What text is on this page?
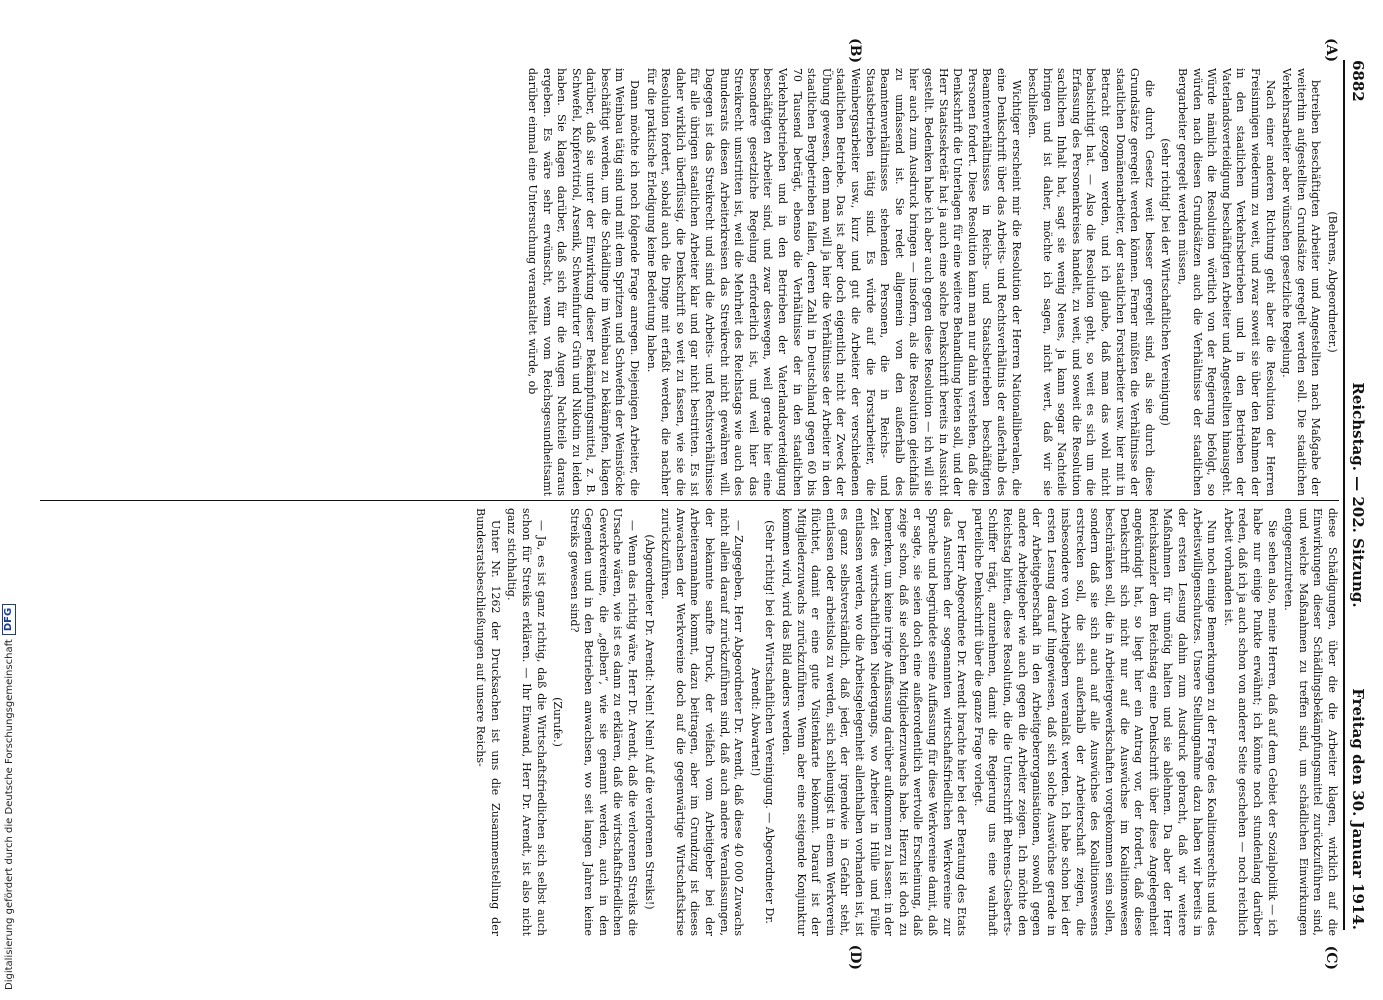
6882
Reichstag. — 202. Sitzung.
Freitag den 30. Januar 1914.
(A)
(B)
(C)
(D)

(Behrens, Abgeordneter.)

betreiben beschäftigten Arbeiter und Angestellten nach Maßgabe der weiterhin aufgestellten Grundsätze geregelt werden soll. Die staatlichen Verkehrsarbeiter aber wünschen gesetzliche Regelung.

Nach einer anderen Richtung geht aber die Resolution der Herren Freisinnigen wiederum zu weit, und zwar soweit sie über den Rahmen der in den staatlichen Verkehrsbetrieben und in den Betrieben der Vaterlandsverteidigung beschäftigten Arbeiter und Angestellten hinausgeht. Würde nämlich die Resolution wörtlich von der Regierung befolgt, so würden nach diesen Grundsätzen auch die Verhältnisse der staatlichen Bergarbeiter geregelt werden müssen,

(sehr richtig! bei der Wirtschaftlichen Vereinigung)

die durch Gesetz weit besser geregelt sind, als sie durch diese Grundsätze geregelt werden können. Ferner müßten die Verhältnisse der staatlichen Domänenarbeiter, der staatlichen Forstarbeiter usw. hier mit in Betracht gezogen werden, und ich glaube, daß man das wohl nicht beabsichtigt hat. — Also die Resolution geht, so weit es sich um die Erfassung des Personenkreises handelt, zu weit, und soweit die Resolution sachlichen Inhalt hat, sagt sie wenig Neues, ja kann sogar Nachteile bringen und ist daher, möchte ich sagen, nicht wert, daß wir sie beschließen.

Wichtiger erscheint mir die Resolution der Herren Nationalliberalen, die eine Denkschrift über das Arbeits- und Rechtsverhältnis der außerhalb des Beamtenverhältnisses in Reichs- und Staatsbetrieben beschäftigten Personen fordert. Diese Resolution kann man nur dahin verstehen, daß die Denkschrift die Unterlagen für eine weitere Behandlung bieten soll, und der Herr Staatssekretär hat ja auch eine solche Denkschrift bereits in Aussicht gestellt. Bedenken habe ich aber auch gegen diese Resolution — ich will sie hier auch zum Ausdruck bringen — insofern, als die Resolution gleichfalls zu umfassend ist. Sie redet allgemein von den außerhalb des Beamtenverhältnisses stehenden Personen, die in Reichs- und Staatsbetrieben tätig sind. Es würde auf die Forstarbeiter, die Weinbergsarbeiter usw., kurz und gut die Arbeiter der verschiedenen staatlichen Betriebe. Das ist aber doch eigentlich nicht der Zweck der Übung gewesen, denn man will ja hier die Verhältnisse der Arbeiter in den staatlichen Bergbetrieben fallen, deren Zahl in Deutschland gegen 60 bis 70 Tausend beträgt, ebenso die Verhältnisse der in den staatlichen Verkehrsbetrieben und in den Betrieben der Vaterlandsverteidigung beschäftigten Arbeiter sind, und zwar deswegen, weil gerade hier eine besondere gesetzliche Regelung erforderlich ist, und weil hier das Streikrecht umstritten ist, weil die Mehrheit des Reichstags wie auch des Bundesrats diesen Arbeiterkreisen das Streikrecht nicht gewähren will. Dagegen ist das Streikrecht und sind die Arbeits- und Rechtsverhältnisse für alle übrigen staatlichen Arbeiter klar und gar nicht bestritten. Es ist daher wirklich überflüssig, die Denkschrift so weit zu fassen, wie sie die Resolution fordert, sobald auch die Dinge mit erfaßt werden, die nachher für die praktische Erledigung keine Bedeutung haben.

Dann möchte ich noch folgende Frage anregen. Diejenigen Arbeiter, die im Weinbau tätig sind und mit dem Spritzen und Schwefeln der Weinstöcke beschäftigt werden, um die Schädlinge im Weinbau zu bekämpfen, klagen darüber, daß sie unter der Einwirkung dieser Bekämpfungsmittel, z. B. Schwefel, Kupfervitriol, Arsenik, Schweinfurter Grün und Nikotin zu leiden haben. Sie klagen darüber, daß sich für die Augen Nachteile daraus ergeben. Es wäre sehr erwünscht, wenn vom Reichsgesundheitsamt darüber einmal eine Untersuchung veranstaltet würde, ob

diese Schädigungen, über die die Arbeiter klagen, wirklich auf die Einwirkungen dieser Schädlingsbekämpfungsmittel zurückzuführen sind, und welche Maßnahmen zu treffen sind, um schädlichen Einwirkungen entgegenzutreten.

Sie sehen also, meine Herren, daß auf dem Gebiet der Sozialpolitik — ich habe nur einige Punkte erwähnt; ich könnte noch stundenlang darüber reden, daß ich ja auch schon von anderer Seite geschehen — noch reichlich Arbeit vorhanden ist.

Nun noch einige Bemerkungen zu der Frage des Koalitionsrechts und des Arbeitswilligenschutzes. Unsere Stellungnahme dazu haben wir bereits in der ersten Lesung dahin zum Ausdruck gebracht, daß wir weitere Maßnahmen für unnötig halten und sie ablehnen. Da aber der Herr Reichskanzler dem Reichstag eine Denkschrift über diese Angelegenheit angekündigt hat, so liegt hier ein Antrag vor, der fordert, daß diese Denkschrift sich nicht nur auf die Auswüchse im Koalitionswesen beschränken soll, die in Arbeitergewerkschaften vorgekommen sein sollen, sondern daß sie sich auch auf alle Auswüchse des Koalitionswesens erstrecken soll, die sich außerhalb der Arbeiterschaft zeigen, die insbesondere von Arbeitgebern veranlaßt werden. Ich habe schon bei der ersten Lesung darauf hingewiesen, daß sich solche Auswüchse gerade in der Arbeitgeberschaft in den Arbeitgeberorganisationen, sowohl gegen andere Arbeitgeber wie auch gegen die Arbeiter zeigen. Ich möchte den Reichstag bitten, diese Resolution, die die Unterschrift Behrens-Giesberts-Schiffer trägt, anzunehmen, damit die Regierung uns eine wahrhaft parteiliche Denkschrift über die ganze Frage vorlegt.

Der Herr Abgeordnete Dr. Arendt brachte hier bei der Beratung des Etats das Ansuchen der sogenannten wirtschaftsfriedlichen Werkvereine zur Sprache und begründete seine Auffassung für diese Werkvereine damit, daß er sagte, sie seien doch eine außerordentlich wertvolle Erscheinung, daß zeige schon, daß sie solchen Mitgliederzuwachs habe. Hierzu ist doch zu bemerken, um keine irrige Auffassung darüber aufkommen zu lassen: in der Zeit des wirtschaftlichen Niedergangs, wo Arbeiter in Hülle und Fülle entlassen werden, wo die Arbeitsgelegenheit allenthalben vorhanden ist, ist es ganz selbstverständlich, daß jeder, der irgendwie in Gefahr steht, entlassen oder arbeitslos zu werden, sich schleunigst in einem Werkverein flüchtet, damit er eine gute Visitenkarte bekommt. Darauf ist der Mitgliederzuwachs zurückzuführen. Wenn aber eine steigende Konjunktur kommen wird, wird das Bild anders werden.

(Sehr richtig! bei der Wirtschaftlichen Vereinigung. — Abgeordneter Dr. Arendt: Abwarten!)

— Zugegeben, Herr Abgeordneter Dr. Arendt, daß diese 40 000 Zuwachs nicht allein darauf zurückzuführen sind, daß auch andere Veranlassungen, der bekannte sanfte Druck, der vielfach vom Arbeitgeber bei der Arbeiterannahme kommt, dazu beitragen, aber im Grundzug ist dieses Anwachsen der Werkvereine doch auf die gegenwärtige Wirtschaftskrise zurückzuführen.

(Abgeordneter Dr. Arendt: Nein! Nein! Auf die verlorenen Streiks!)

— Wenn das richtig wäre, Herr Dr. Arendt, daß die verlorenen Streiks die Ursache wären, wie ist es dann zu erklären, daß die wirtschaftsfriedlichen Gewerkvereine, die „gelben“, wie sie genannt werden, auch in den Gegenden und in den Betrieben anwachsen, wo seit langen Jahren keine Streiks gewesen sind?

(Zurufe.)

— Ja, es ist ganz richtig, daß die Wirtschaftsfriedlichen sich selbst auch schon für Streiks erklären. — Ihr Einwand, Herr Dr. Arendt, ist also nicht ganz stichhaltig.

Unter Nr. 1262 der Drucksachen ist uns die Zusammenstellung der Bundesratsbeschließungen auf unsere Reichs-

Digitalisierung gefördert durch die Deutsche Forschungsgemeinschaft
DFG
